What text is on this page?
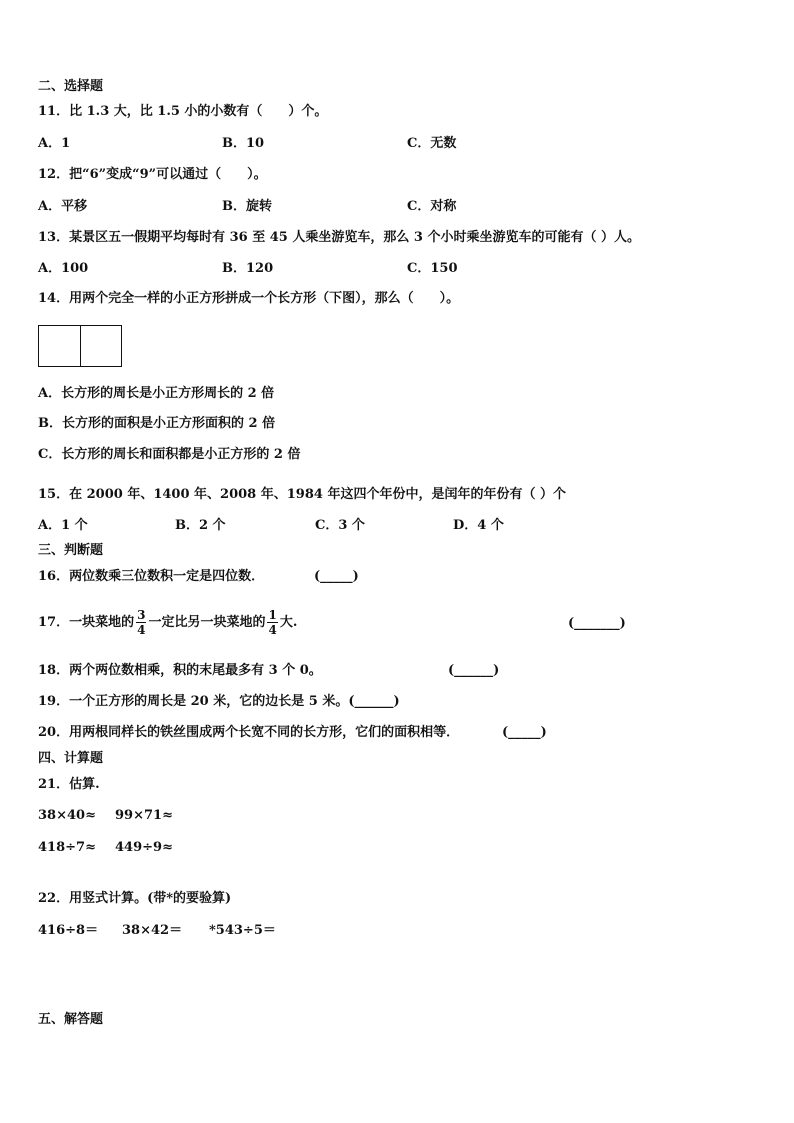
二、选择题
11．比 1.3 大，比 1.5 小的小数有（　　）个。
A．1	B．10	C．无数
12．把“6”变成“9”可以通过（　　）。
A．平移	B．旋转	C．对称
13．某景区五一假期平均每时有 36 至 45 人乘坐游览车，那么 3 个小时乘坐游览车的可能有（ ）人。
A．100	B．120	C．150
14．用两个完全一样的小正方形拼成一个长方形（下图），那么（　　）。
A．长方形的周长是小正方形周长的 2 倍
B．长方形的面积是小正方形面积的 2 倍
C．长方形的周长和面积都是小正方形的 2 倍
15．在 2000 年、1400 年、2008 年、1984 年这四个年份中，是闰年的年份有（ ）个
A．1 个	B．2 个	C．3 个	D．4 个
三、判断题
16．两位数乘三位数积一定是四位数．	(_____)
17．一块菜地的 $\frac{3}{4}$ 一定比另一块菜地的 $\frac{1}{4}$ 大.	(_______)
18．两个两位数相乘，积的末尾最多有 3 个 0。	(______)
19．一个正方形的周长是 20 米，它的边长是 5 米。(______)
20．用两根同样长的铁丝围成两个长宽不同的长方形，它们的面积相等．	(_____)
四、计算题
21．估算.
38×40≈ 99×71≈
418÷7≈ 449÷9≈
22．用竖式计算。(带*的要验算)
416÷8＝ 38×42＝ *543÷5＝
五、解答题
